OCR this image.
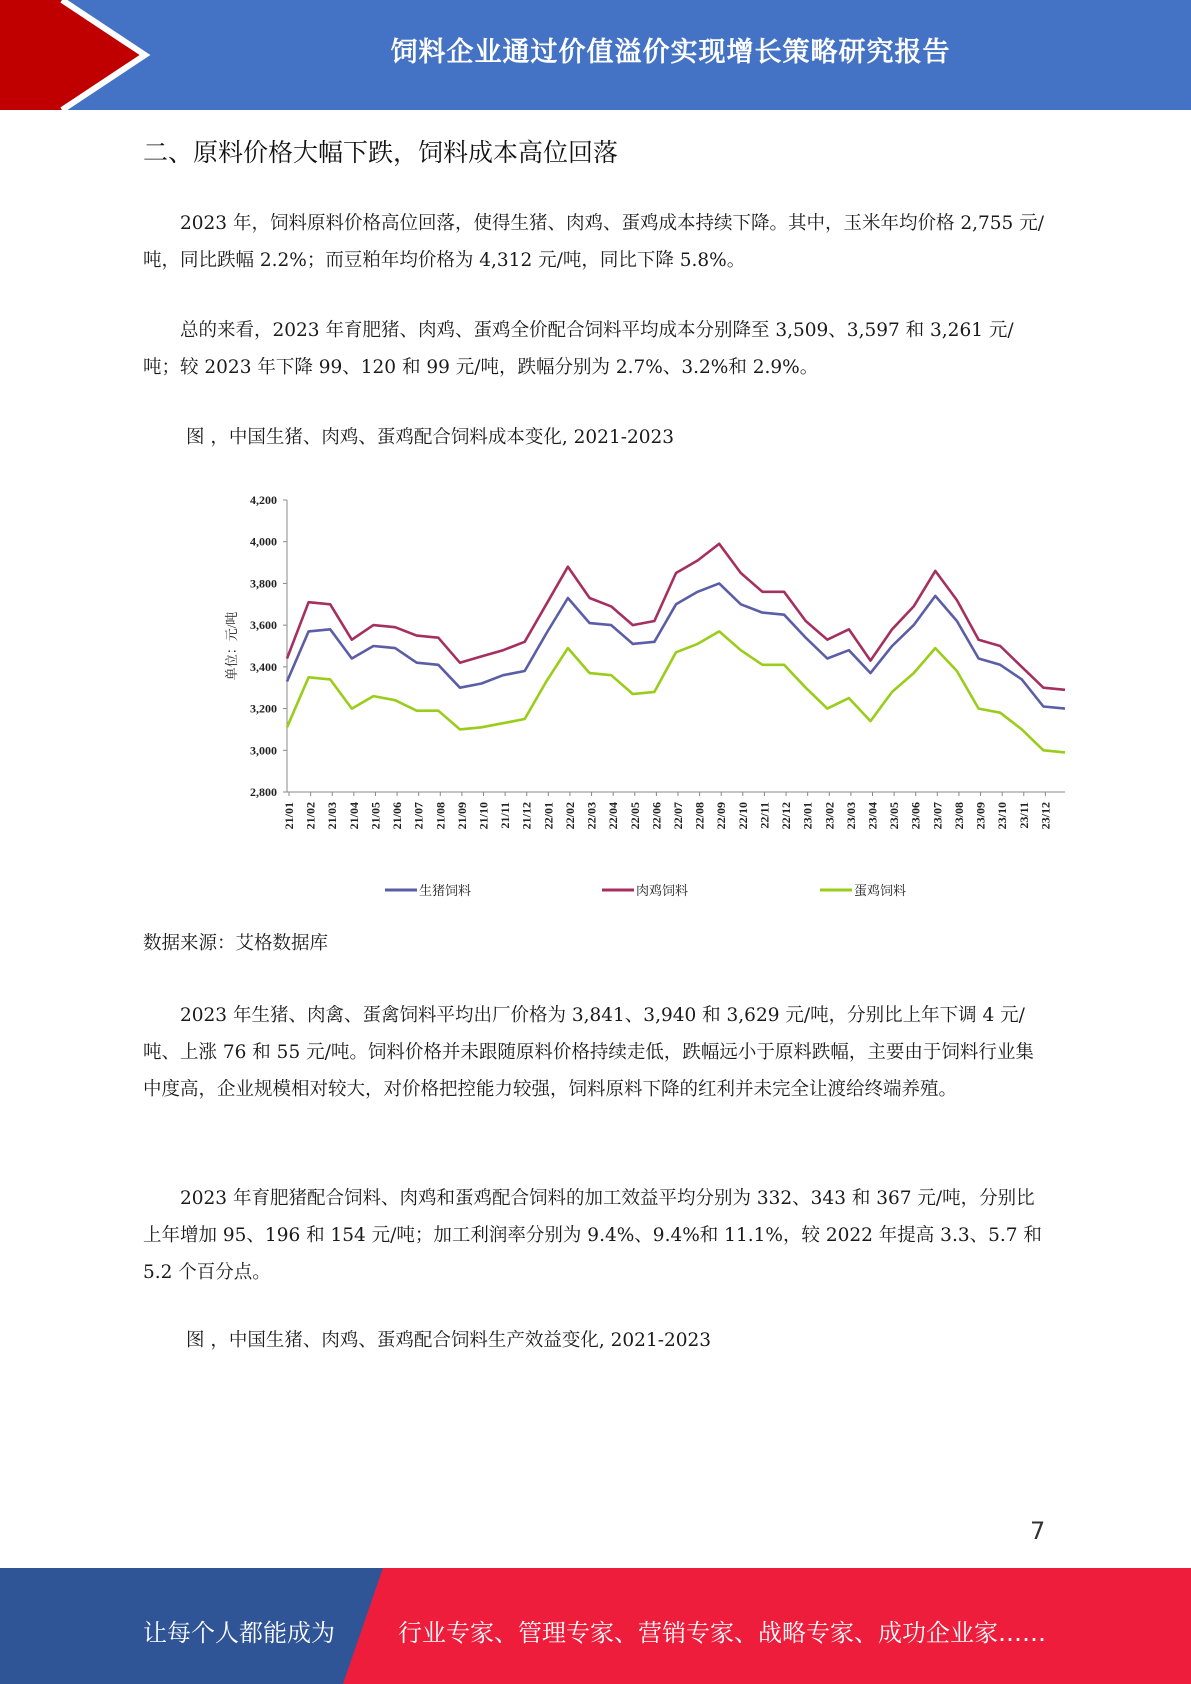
饲料企业通过价值溢价实现增长策略研究报告
二、原料价格大幅下跌，饲料成本高位回落

2023 年，饲料原料价格高位回落，使得生猪、肉鸡、蛋鸡成本持续下降。其中，玉米年均价格 2,755 元/吨，同比跌幅 2.2%；而豆粕年均价格为 4,312 元/吨，同比下降 5.8%。

总的来看，2023 年育肥猪、肉鸡、蛋鸡全价配合饲料平均成本分别降至 3,509、3,597 和 3,261 元/吨；较 2023 年下降 99、120 和 99 元/吨，跌幅分别为 2.7%、3.2%和 2.9%。

图 ，中国生猪、肉鸡、蛋鸡配合饲料成本变化, 2021-2023

2,800
3,000
3,200
3,400
3,600
3,800
4,000
4,200
单位：元/吨
21/01 21/02 21/03 21/04 21/05 21/06 21/07 21/08 21/09 21/10 21/11 21/12 22/01 22/02 22/03 22/04 22/05 22/06 22/07 22/08 22/09 22/10 22/11 22/12 23/01 23/02 23/03 23/04 23/05 23/06 23/07 23/08 23/09 23/10 23/11 23/12
生猪饲料	肉鸡饲料	蛋鸡饲料

数据来源：艾格数据库

2023 年生猪、肉禽、蛋禽饲料平均出厂价格为 3,841、3,940 和 3,629 元/吨，分别比上年下调 4 元/吨、上涨 76 和 55 元/吨。饲料价格并未跟随原料价格持续走低，跌幅远小于原料跌幅，主要由于饲料行业集中度高，企业规模相对较大，对价格把控能力较强，饲料原料下降的红利并未完全让渡给终端养殖。

2023 年育肥猪配合饲料、肉鸡和蛋鸡配合饲料的加工效益平均分别为 332、343 和 367 元/吨，分别比上年增加 95、196 和 154 元/吨；加工利润率分别为 9.4%、9.4%和 11.1%，较 2022 年提高 3.3、5.7 和 5.2 个百分点。

图 ，中国生猪、肉鸡、蛋鸡配合饲料生产效益变化, 2021-2023

7
让每个人都能成为	行业专家、管理专家、营销专家、战略专家、成功企业家……
